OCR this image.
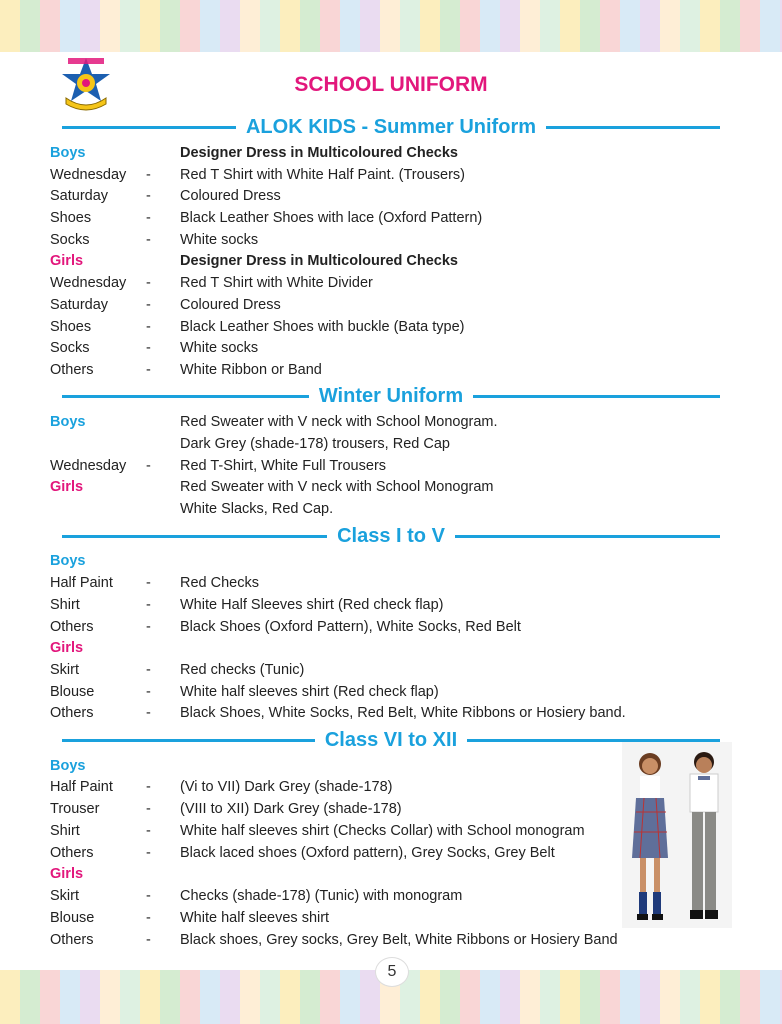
SCHOOL UNIFORM
ALOK KIDS - Summer Uniform
Winter Uniform
Class I to V
Class VI to XII
Boys	Designer Dress in Multicoloured Checks
Wednesday - Red T Shirt with White Half Paint. (Trousers)
Saturday	- Coloured Dress
Shoes	- Black Leather Shoes with lace (Oxford Pattern)
Socks	- White socks
Girls	Designer Dress in Multicoloured Checks
Wednesday - Red T Shirt with White Divider
Saturday	- Coloured Dress
Shoes	- Black Leather Shoes with buckle (Bata type)
Socks	- White socks
Others	- White Ribbon or Band
Boys	Red Sweater with V neck with School Monogram.
Dark Grey (shade-178) trousers, Red Cap
Wednesday - Red T-Shirt, White Full Trousers
Girls	Red Sweater with V neck with School Monogram
White Slacks, Red Cap.
Boys
Half Paint - Red Checks
Shirt	- White Half Sleeves shirt (Red check flap)
Others	- Black Shoes (Oxford Pattern), White Socks, Red Belt
Girls
Skirt	- Red checks (Tunic)
Blouse	- White half sleeves shirt (Red check flap)
Others	- Black Shoes, White Socks, Red Belt, White Ribbons or Hosiery band.
Boys
Half Paint - (Vi to VII) Dark Grey (shade-178)
Trouser	- (VIII to XII) Dark Grey (shade-178)
Shirt	- White half sleeves shirt (Checks Collar) with School monogram
Others	- Black laced shoes (Oxford pattern), Grey Socks, Grey Belt
Girls
Skirt	- Checks (shade-178) (Tunic) with monogram
Blouse	- White half sleeves shirt
Others	- Black shoes, Grey socks, Grey Belt, White Ribbons or Hosiery Band
5
